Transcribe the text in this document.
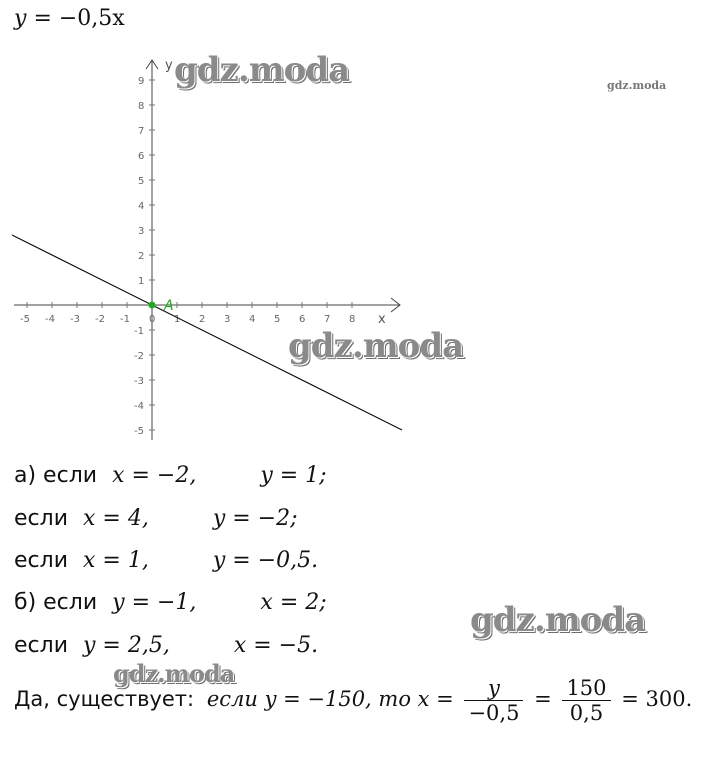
y = −0,5x
x
y
-5 -4 -3 -2 -1 0 1 2 3 4 5 6 7 8
9
8
7
6
5
4
3
2
1
-1
-2
-3
-4
-5
A
а) если x = −2,	y = 1;
если x = 4,	y = −2;
если x = 1,	y = −0,5.
б) если y = −1,	x = 2;
если y = 2,5,	x = −5.
Да, существует: если y = −150, то $x = \frac{y}{-0,5} = \frac{150}{0,5} = 300$.
gdz.moda	gdz.moda
gdz.moda
gdz.moda
gdz.moda
